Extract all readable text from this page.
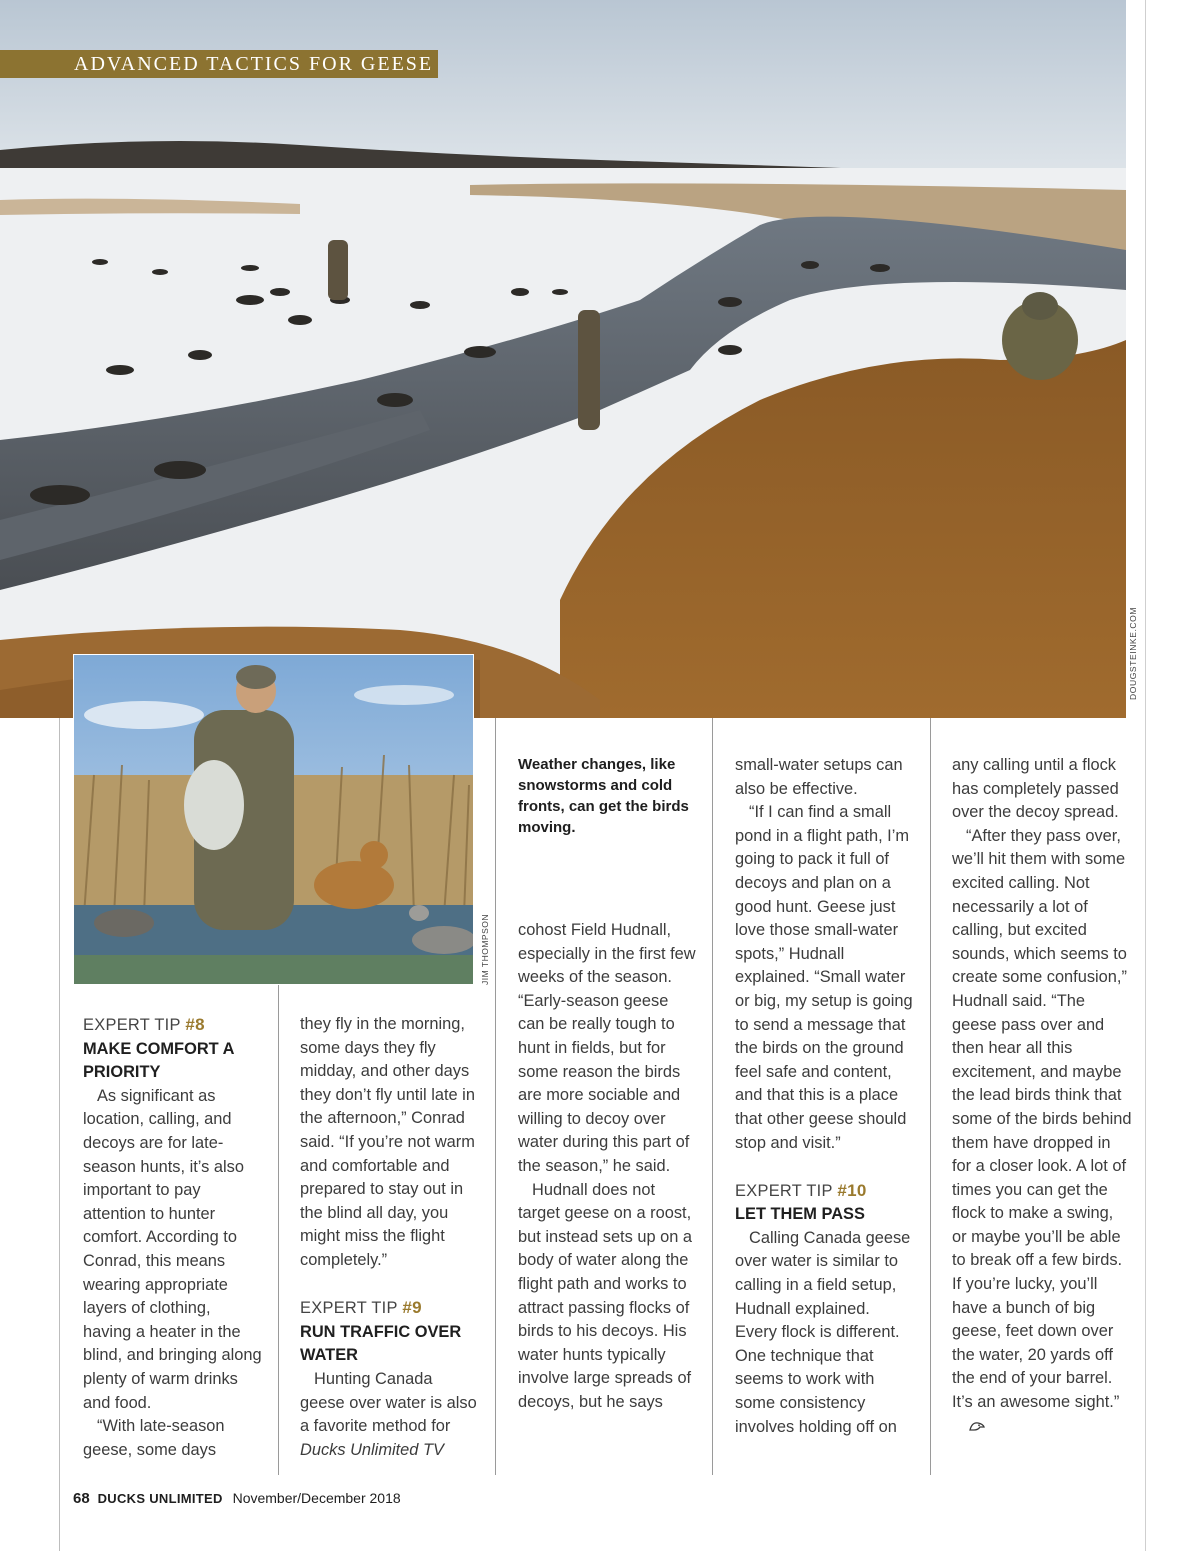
ADVANCED TACTICS FOR GEESE
DOUGSTEINKE.COM
JIM THOMPSON
Weather changes, like snowstorms and cold fronts, can get the birds moving.
EXPERT TIP #8
MAKE COMFORT A PRIORITY

As significant as location, calling, and decoys are for late-season hunts, it’s also important to pay attention to hunter comfort. According to Conrad, this means wearing appropriate layers of clothing, having a heater in the blind, and bringing along plenty of warm drinks and food.

“With late-season geese, some days

they fly in the morning, some days they fly midday, and other days they don’t fly until late in the afternoon,” Conrad said. “If you’re not warm and comfortable and prepared to stay out in the blind all day, you might miss the flight completely.”

EXPERT TIP #9
RUN TRAFFIC OVER WATER

Hunting Canada geese over water is also a favorite method for Ducks Unlimited TV

cohost Field Hudnall, especially in the first few weeks of the season. “Early-season geese can be really tough to hunt in fields, but for some reason the birds are more sociable and willing to decoy over water during this part of the season,” he said.

Hudnall does not target geese on a roost, but instead sets up on a body of water along the flight path and works to attract passing flocks of birds to his decoys. His water hunts typically involve large spreads of decoys, but he says

small-water setups can also be effective.

“If I can find a small pond in a flight path, I’m going to pack it full of decoys and plan on a good hunt. Geese just love those small-water spots,” Hudnall explained. “Small water or big, my setup is going to send a message that the birds on the ground feel safe and content, and that this is a place that other geese should stop and visit.”

EXPERT TIP #10
LET THEM PASS

Calling Canada geese over water is similar to calling in a field setup, Hudnall explained. Every flock is different. One technique that seems to work with some consistency involves holding off on

any calling until a flock has completely passed over the decoy spread.

“After they pass over, we’ll hit them with some excited calling. Not necessarily a lot of calling, but excited sounds, which seems to create some confusion,” Hudnall said. “The geese pass over and then hear all this excitement, and maybe the lead birds think that some of the birds behind them have dropped in for a closer look. A lot of times you can get the flock to make a swing, or maybe you’ll be able to break off a few birds. If you’re lucky, you’ll have a bunch of big geese, feet down over the water, 20 yards off the end of your barrel. It’s an awesome sight.”

68 DUCKS UNLIMITED November/December 2018
